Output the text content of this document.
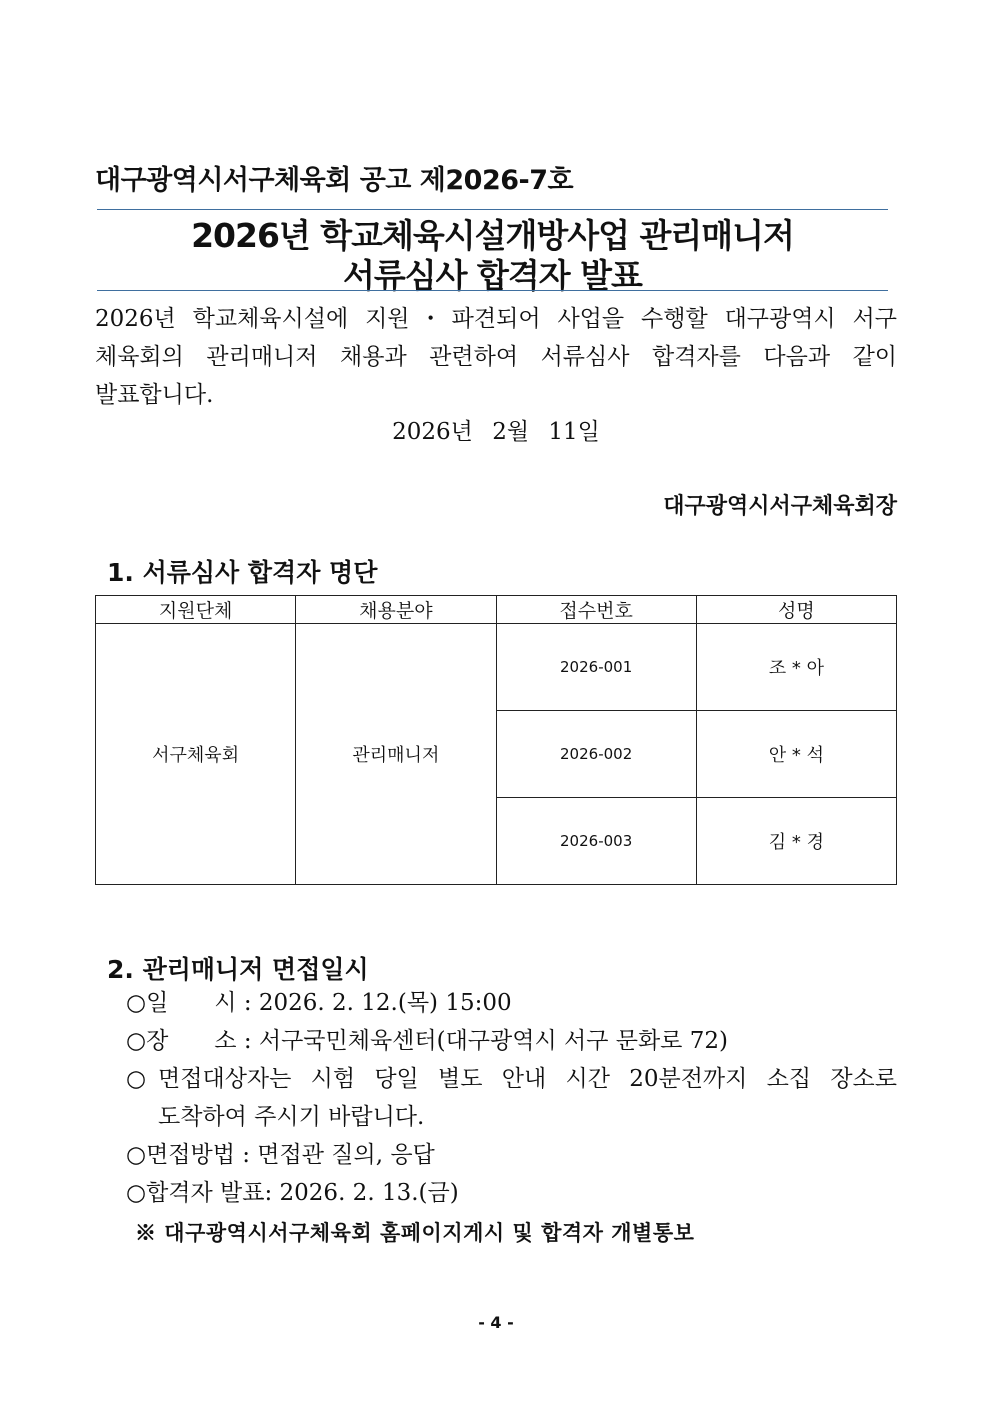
대구광역시서구체육회 공고 제2026-7호
2026년 학교체육시설개방사업 관리매니저
서류심사 합격자 발표
2026년 학교체육시설에 지원・파견되어 사업을 수행할 대구광역시 서구
체육회의 관리매니저 채용과 관련하여 서류심사 합격자를 다음과 같이
발표합니다.
2026년 2월 11일
대구광역시서구체육회장
1. 서류심사 합격자 명단
지원단체	채용분야	접수번호	성명
서구체육회	관리매니저	2026-001	조 * 아
		2026-002	안 * 석
		2026-003	김 * 경
2. 관리매니저 면접일시
○일　　시 : 2026. 2. 12.(목) 15:00
○장　　소 : 서구국민체육센터(대구광역시 서구 문화로 72)
○면접대상자는 시험 당일 별도 안내 시간 20분전까지 소집 장소로
도착하여 주시기 바랍니다.
○면접방법 : 면접관 질의, 응답
○합격자 발표: 2026. 2. 13.(금)
※ 대구광역시서구체육회 홈페이지게시 및 합격자 개별통보
- 4 -
